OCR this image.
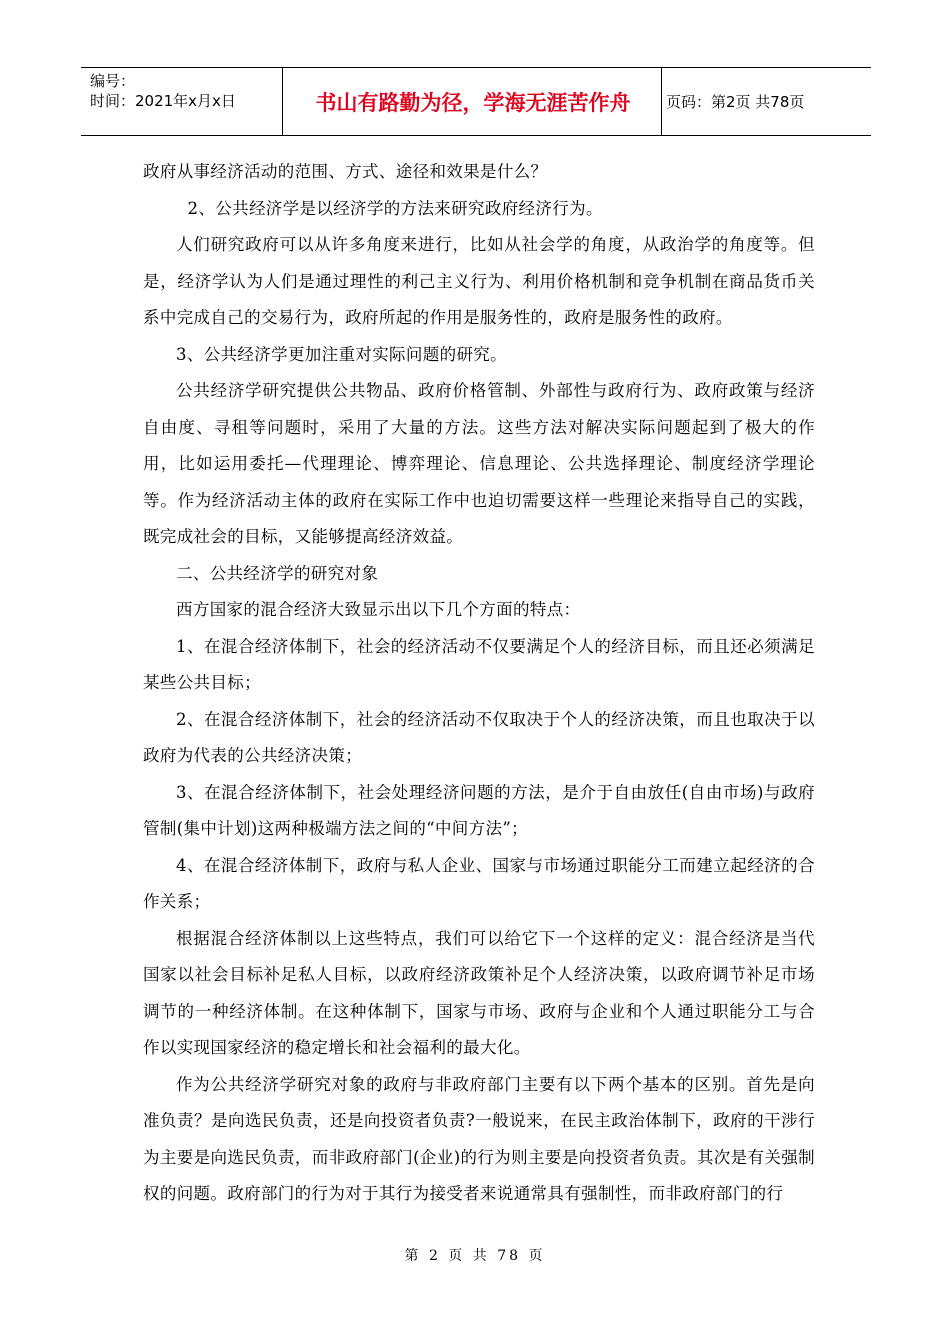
编号：
时间：2021年x月x日	书山有路勤为径，学海无涯苦作舟	页码：第2页 共78页

政府从事经济活动的范围、方式、途径和效果是什么？

2、公共经济学是以经济学的方法来研究政府经济行为。

人们研究政府可以从许多角度来进行，比如从社会学的角度，从政治学的角度等。但是，经济学认为人们是通过理性的利己主义行为、利用价格机制和竞争机制在商品货币关系中完成自己的交易行为，政府所起的作用是服务性的，政府是服务性的政府。

3、公共经济学更加注重对实际问题的研究。

公共经济学研究提供公共物品、政府价格管制、外部性与政府行为、政府政策与经济自由度、寻租等问题时，采用了大量的方法。这些方法对解决实际问题起到了极大的作用，比如运用委托—代理理论、博弈理论、信息理论、公共选择理论、制度经济学理论等。作为经济活动主体的政府在实际工作中也迫切需要这样一些理论来指导自己的实践，既完成社会的目标，又能够提高经济效益。

二、公共经济学的研究对象

西方国家的混合经济大致显示出以下几个方面的特点：

1、在混合经济体制下，社会的经济活动不仅要满足个人的经济目标，而且还必须满足某些公共目标；

2、在混合经济体制下，社会的经济活动不仅取决于个人的经济决策，而且也取决于以政府为代表的公共经济决策；

3、在混合经济体制下，社会处理经济问题的方法，是介于自由放任(自由市场)与政府管制(集中计划)这两种极端方法之间的“中间方法”；

4、在混合经济体制下，政府与私人企业、国家与市场通过职能分工而建立起经济的合作关系；

根据混合经济体制以上这些特点，我们可以给它下一个这样的定义：混合经济是当代国家以社会目标补足私人目标，以政府经济政策补足个人经济决策，以政府调节补足市场调节的一种经济体制。在这种体制下，国家与市场、政府与企业和个人通过职能分工与合作以实现国家经济的稳定增长和社会福利的最大化。

作为公共经济学研究对象的政府与非政府部门主要有以下两个基本的区别。首先是向准负责？是向选民负责，还是向投资者负责?一般说来，在民主政治体制下，政府的干涉行为主要是向选民负责，而非政府部门(企业)的行为则主要是向投资者负责。其次是有关强制权的问题。政府部门的行为对于其行为接受者来说通常具有强制性，而非政府部门的行

第 2 页 共 78 页
